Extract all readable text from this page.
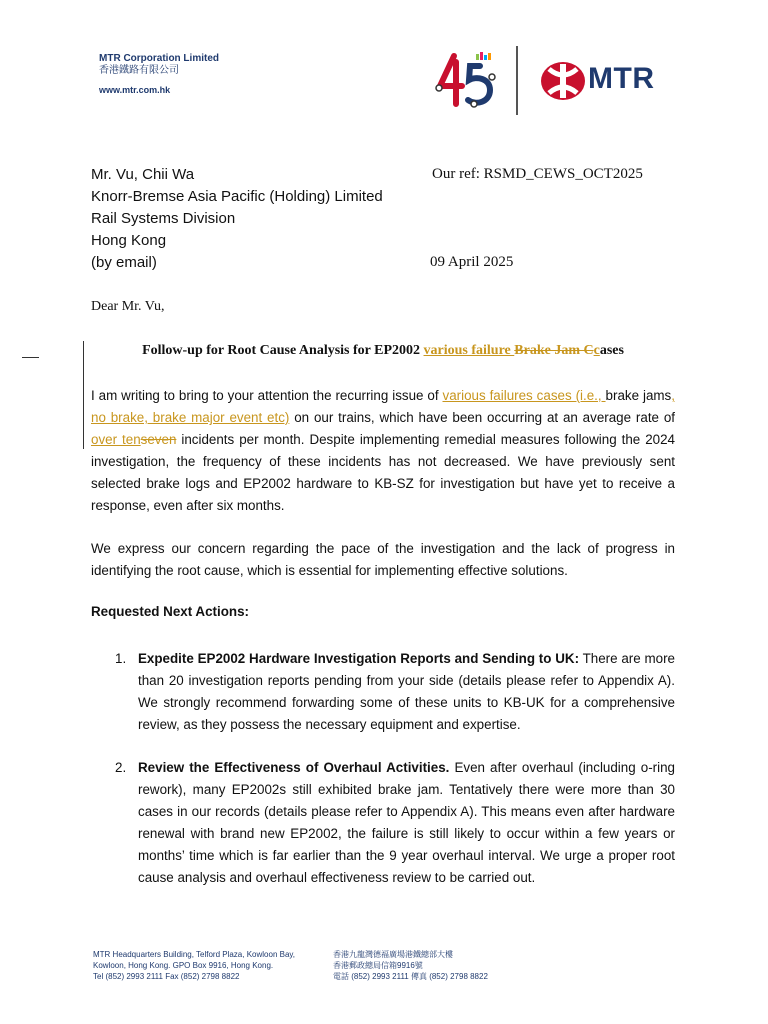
MTR Corporation Limited
香港鐵路有限公司
www.mtr.com.hk	MTR
Mr. Vu, Chii Wa
Knorr-Bremse Asia Pacific (Holding) Limited
Rail Systems Division
Hong Kong
(by email)
Our ref: RSMD_CEWS_OCT2025
09 April 2025
Dear Mr. Vu,
Follow-up for Root Cause Analysis for EP2002 various failure Brake Jam Ccases
I am writing to bring to your attention the recurring issue of various failures cases (i.e., brake jams, no brake, brake major event etc) on our trains, which have been occurring at an average rate of over tenseven incidents per month. Despite implementing remedial measures following the 2024 investigation, the frequency of these incidents has not decreased. We have previously sent selected brake logs and EP2002 hardware to KB-SZ for investigation but have yet to receive a response, even after six months.
We express our concern regarding the pace of the investigation and the lack of progress in identifying the root cause, which is essential for implementing effective solutions.
Requested Next Actions:
1. Expedite EP2002 Hardware Investigation Reports and Sending to UK: There are more than 20 investigation reports pending from your side (details please refer to Appendix A). We strongly recommend forwarding some of these units to KB-UK for a comprehensive review, as they possess the necessary equipment and expertise.
2. Review the Effectiveness of Overhaul Activities. Even after overhaul (including o-ring rework), many EP2002s still exhibited brake jam. Tentatively there were more than 30 cases in our records (details please refer to Appendix A). This means even after hardware renewal with brand new EP2002, the failure is still likely to occur within a few years or months’ time which is far earlier than the 9 year overhaul interval. We urge a proper root cause analysis and overhaul effectiveness review to be carried out.
MTR Headquarters Building, Telford Plaza, Kowloon Bay,
Kowloon, Hong Kong. GPO Box 9916, Hong Kong.
Tel (852) 2993 2111 Fax (852) 2798 8822
香港九龍灣德福廣場港鐵總部大樓
香港郵政總局信箱9916號
電話 (852) 2993 2111 傳真 (852) 2798 8822
